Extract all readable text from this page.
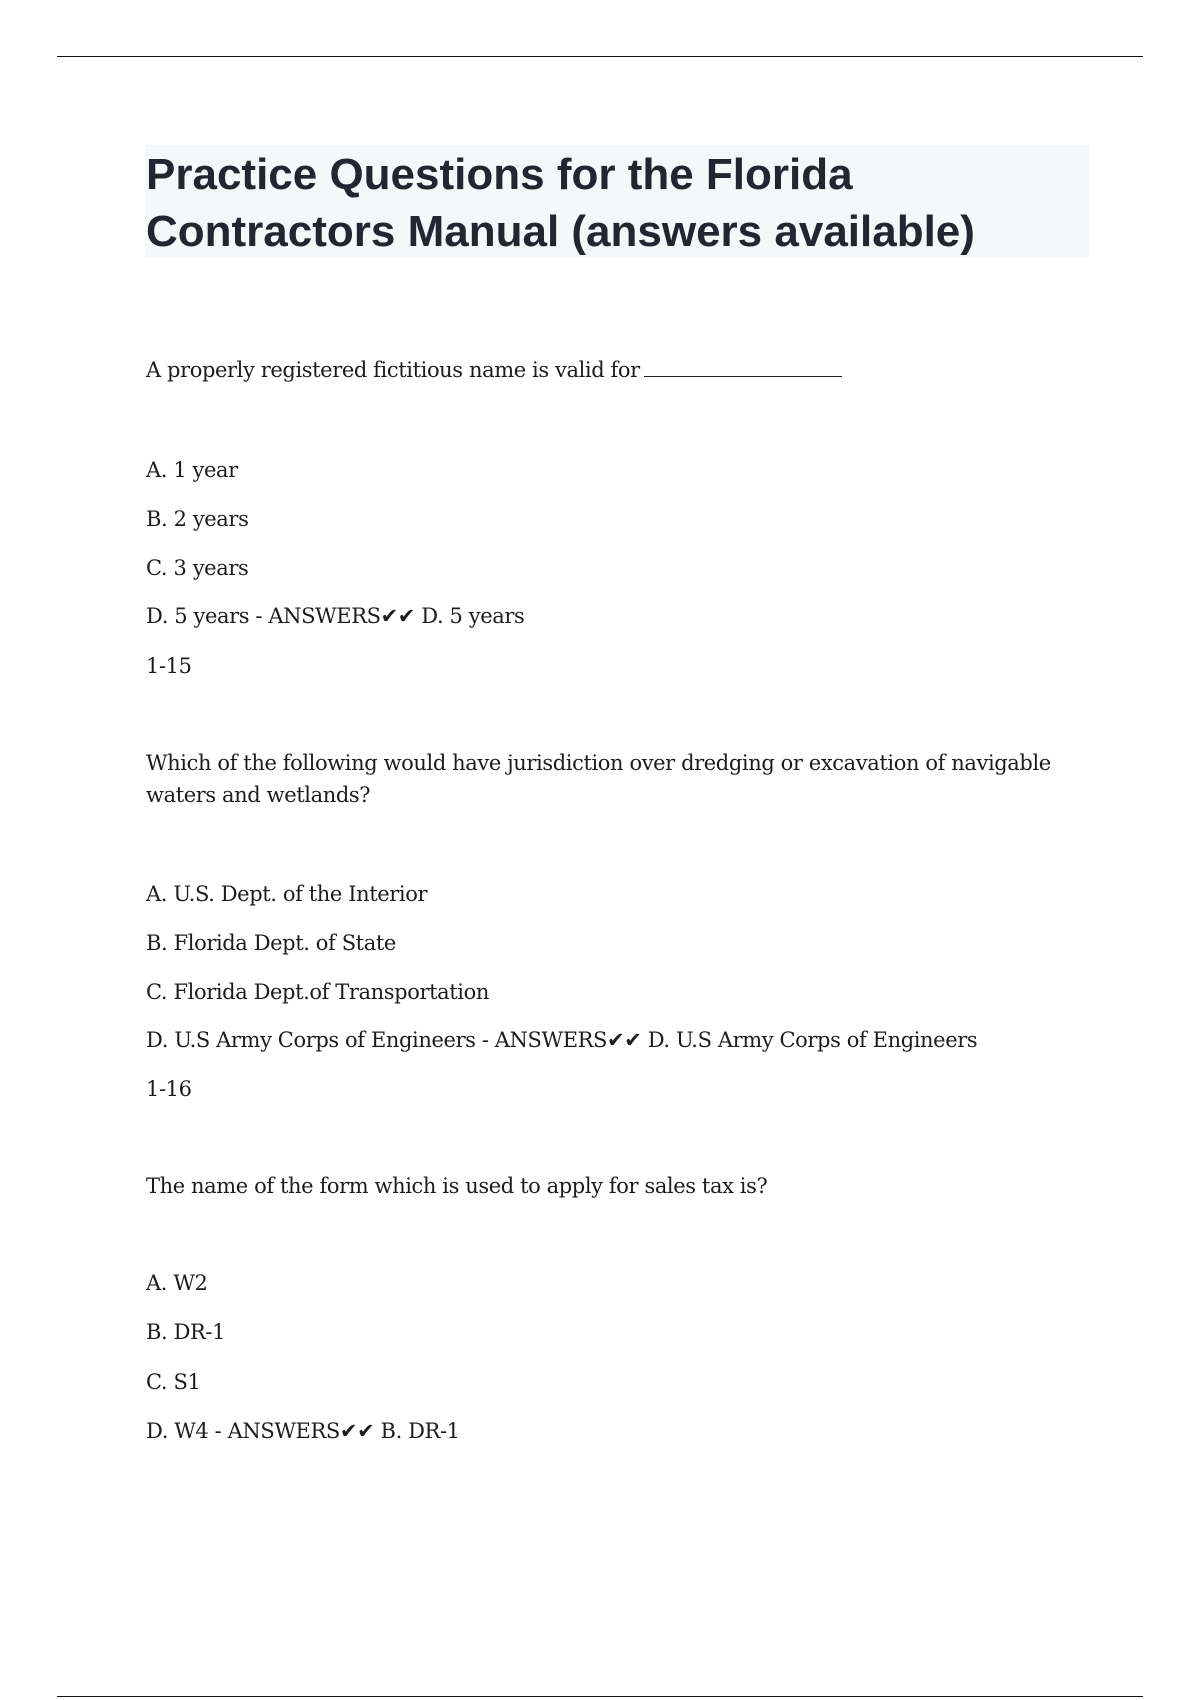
Practice Questions for the Florida Contractors Manual (answers available)

A properly registered fictitious name is valid for

A. 1 year

B. 2 years

C. 3 years

D. 5 years - ANSWERS✔✔ D. 5 years

1-15

Which of the following would have jurisdiction over dredging or excavation of navigable waters and wetlands?

A. U.S. Dept. of the Interior

B. Florida Dept. of State

C. Florida Dept.of Transportation

D. U.S Army Corps of Engineers - ANSWERS✔✔ D. U.S Army Corps of Engineers

1-16

The name of the form which is used to apply for sales tax is?

A. W2

B. DR-1

C. S1

D. W4 - ANSWERS✔✔ B. DR-1
